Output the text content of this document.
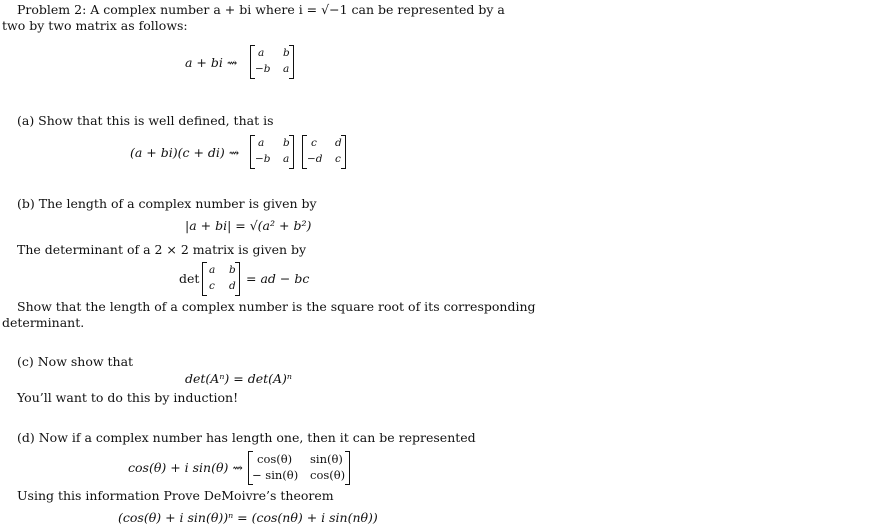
Problem 2: A complex number a + bi where i = √−1 can be represented by a
two by two matrix as follows:
a + bi ⇝
a b
−b a
(a) Show that this is well defined, that is
(a + bi)(c + di) ⇝
a b
−b a
c d
−d c
(b) The length of a complex number is given by
|a + bi| = √(a² + b²)
The determinant of a 2 × 2 matrix is given by
det
a b
c d = ad − bc
Show that the length of a complex number is the square root of its corresponding
determinant.
(c) Now show that
det(Aⁿ) = det(A)ⁿ
You’ll want to do this by induction!
(d) Now if a complex number has length one, then it can be represented
cos(θ) + i sin(θ) ⇝
cos(θ) sin(θ)
− sin(θ) cos(θ)
Using this information Prove DeMoivre’s theorem
(cos(θ) + i sin(θ))ⁿ = (cos(nθ) + i sin(nθ))
